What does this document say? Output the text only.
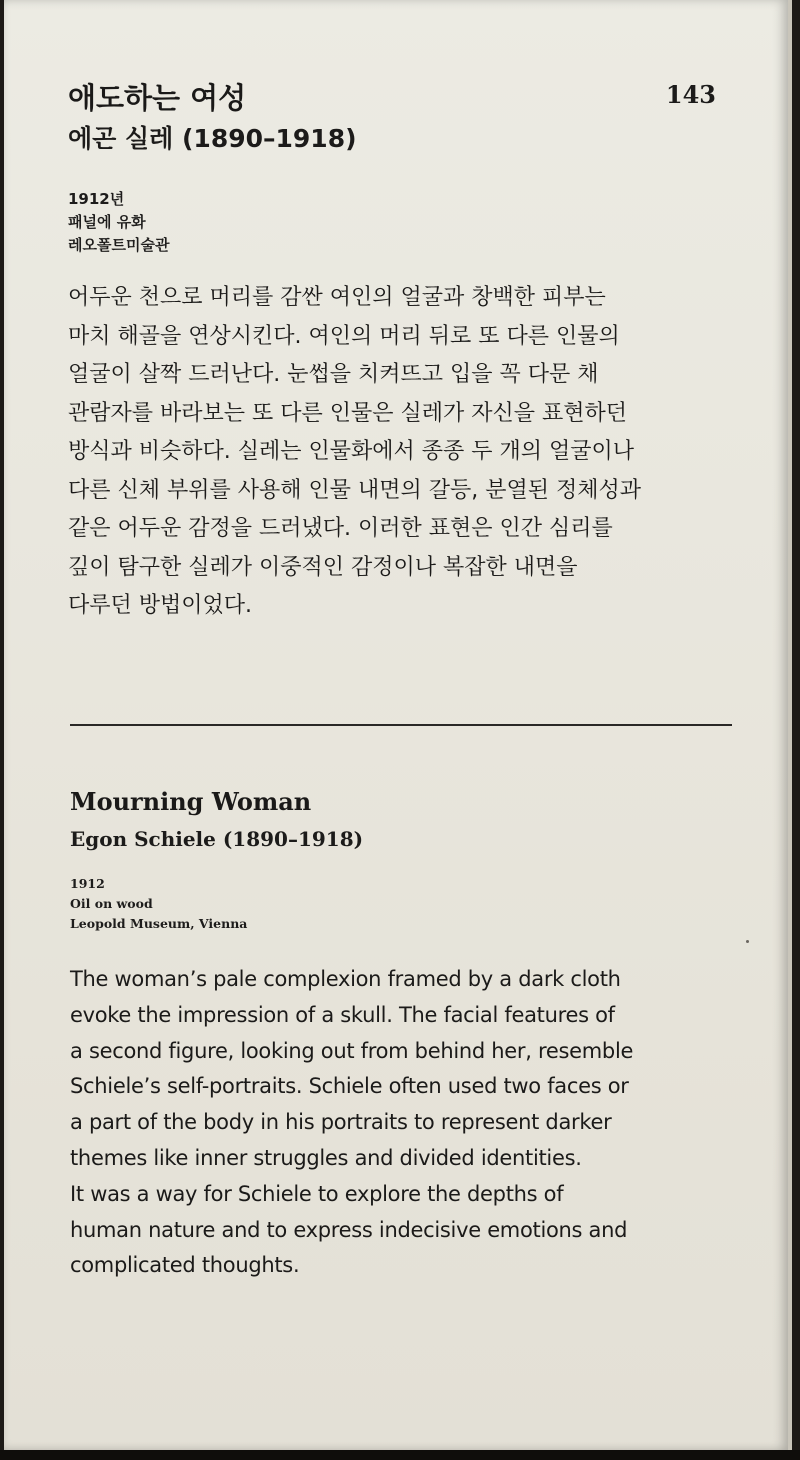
143
애도하는 여성
에곤 실레 (1890–1918)
1912년
패널에 유화
레오폴트미술관
어두운 천으로 머리를 감싼 여인의 얼굴과 창백한 피부는
마치 해골을 연상시킨다. 여인의 머리 뒤로 또 다른 인물의
얼굴이 살짝 드러난다. 눈썹을 치켜뜨고 입을 꼭 다문 채
관람자를 바라보는 또 다른 인물은 실레가 자신을 표현하던
방식과 비슷하다. 실레는 인물화에서 종종 두 개의 얼굴이나
다른 신체 부위를 사용해 인물 내면의 갈등, 분열된 정체성과
같은 어두운 감정을 드러냈다. 이러한 표현은 인간 심리를
깊이 탐구한 실레가 이중적인 감정이나 복잡한 내면을
다루던 방법이었다.
Mourning Woman
Egon Schiele (1890–1918)
1912
Oil on wood
Leopold Museum, Vienna
The woman’s pale complexion framed by a dark cloth
evoke the impression of a skull. The facial features of
a second figure, looking out from behind her, resemble
Schiele’s self-portraits. Schiele often used two faces or
a part of the body in his portraits to represent darker
themes like inner struggles and divided identities.
It was a way for Schiele to explore the depths of
human nature and to express indecisive emotions and
complicated thoughts.
